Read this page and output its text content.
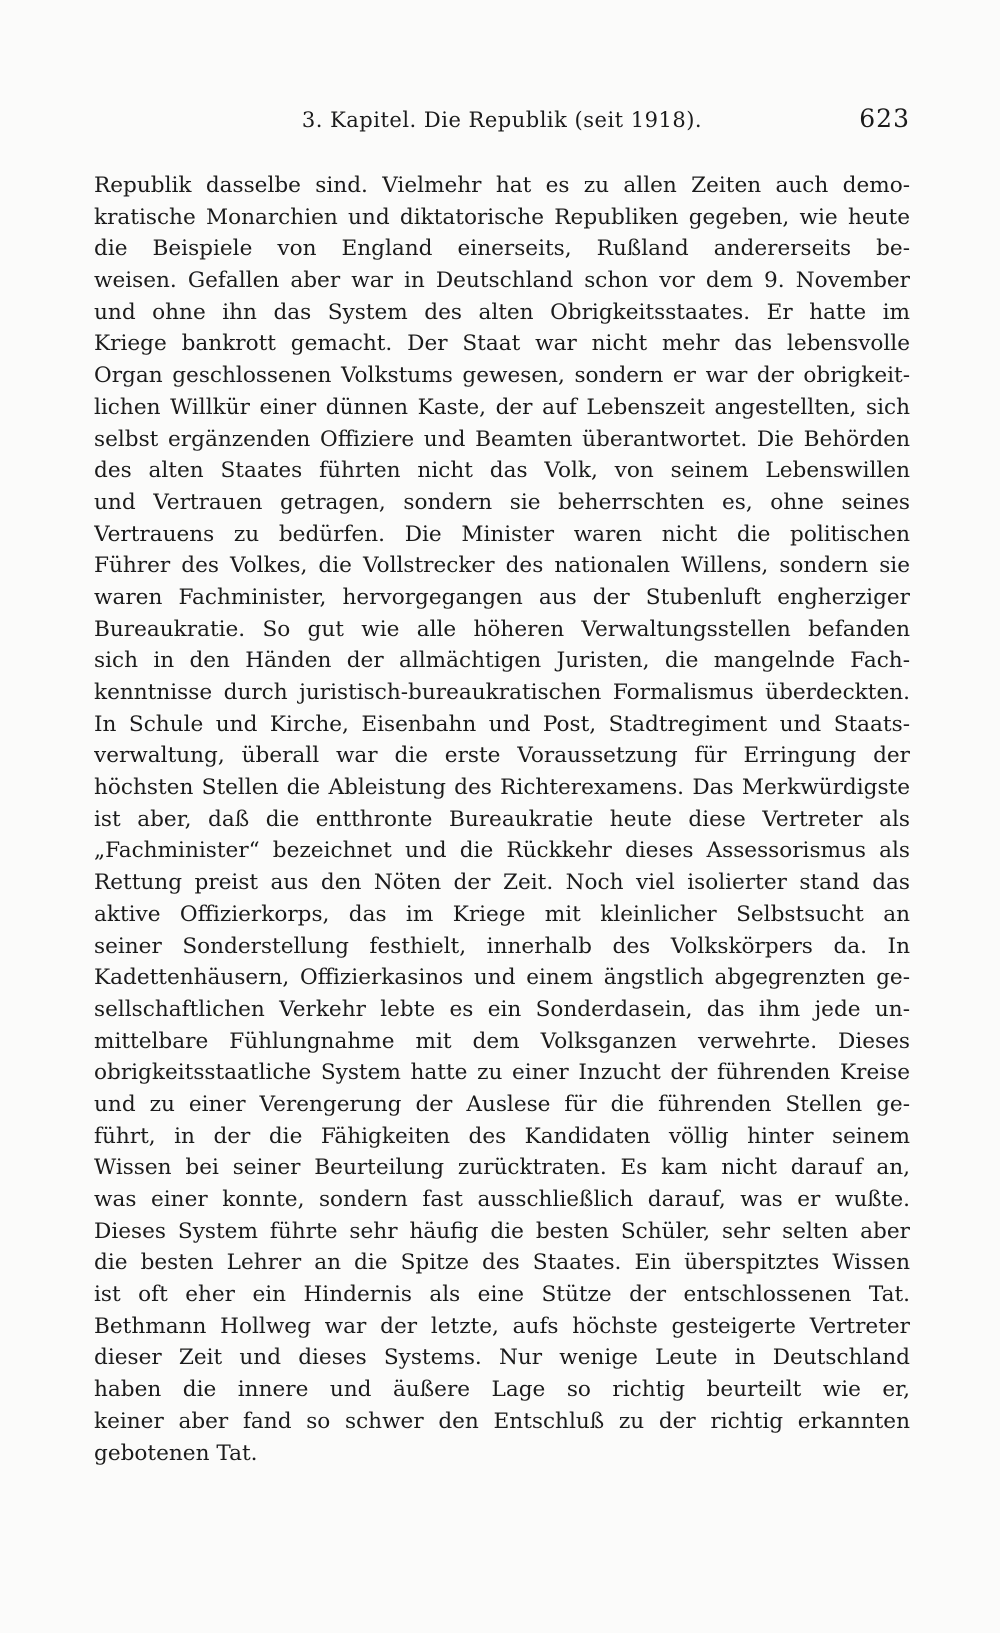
3. Kapitel. Die Republik (seit 1918).	623
Republik dasselbe sind. Vielmehr hat es zu allen Zeiten auch demo-
kratische Monarchien und diktatorische Republiken gegeben, wie heute
die Beispiele von England einerseits, Rußland andererseits be-
weisen. Gefallen aber war in Deutschland schon vor dem 9. November
und ohne ihn das System des alten Obrigkeitsstaates. Er hatte im
Kriege bankrott gemacht. Der Staat war nicht mehr das lebensvolle
Organ geschlossenen Volkstums gewesen, sondern er war der obrigkeit-
lichen Willkür einer dünnen Kaste, der auf Lebenszeit angestellten, sich
selbst ergänzenden Offiziere und Beamten überantwortet. Die Behörden
des alten Staates führten nicht das Volk, von seinem Lebenswillen
und Vertrauen getragen, sondern sie beherrschten es, ohne seines
Vertrauens zu bedürfen. Die Minister waren nicht die politischen
Führer des Volkes, die Vollstrecker des nationalen Willens, sondern sie
waren Fachminister, hervorgegangen aus der Stubenluft engherziger
Bureaukratie. So gut wie alle höheren Verwaltungsstellen befanden
sich in den Händen der allmächtigen Juristen, die mangelnde Fach-
kenntnisse durch juristisch-bureaukratischen Formalismus überdeckten.
In Schule und Kirche, Eisenbahn und Post, Stadtregiment und Staats-
verwaltung, überall war die erste Voraussetzung für Erringung der
höchsten Stellen die Ableistung des Richterexamens. Das Merkwürdigste
ist aber, daß die entthronte Bureaukratie heute diese Vertreter als
„Fachminister“ bezeichnet und die Rückkehr dieses Assessorismus als
Rettung preist aus den Nöten der Zeit. Noch viel isolierter stand das
aktive Offizierkorps, das im Kriege mit kleinlicher Selbstsucht an
seiner Sonderstellung festhielt, innerhalb des Volkskörpers da. In
Kadettenhäusern, Offizierkasinos und einem ängstlich abgegrenzten ge-
sellschaftlichen Verkehr lebte es ein Sonderdasein, das ihm jede un-
mittelbare Fühlungnahme mit dem Volksganzen verwehrte. Dieses
obrigkeitsstaatliche System hatte zu einer Inzucht der führenden Kreise
und zu einer Verengerung der Auslese für die führenden Stellen ge-
führt, in der die Fähigkeiten des Kandidaten völlig hinter seinem
Wissen bei seiner Beurteilung zurücktraten. Es kam nicht darauf an,
was einer konnte, sondern fast ausschließlich darauf, was er wußte.
Dieses System führte sehr häufig die besten Schüler, sehr selten aber
die besten Lehrer an die Spitze des Staates. Ein überspitztes Wissen
ist oft eher ein Hindernis als eine Stütze der entschlossenen Tat.
Bethmann Hollweg war der letzte, aufs höchste gesteigerte Vertreter
dieser Zeit und dieses Systems. Nur wenige Leute in Deutschland
haben die innere und äußere Lage so richtig beurteilt wie er,
keiner aber fand so schwer den Entschluß zu der richtig erkannten
gebotenen Tat.
